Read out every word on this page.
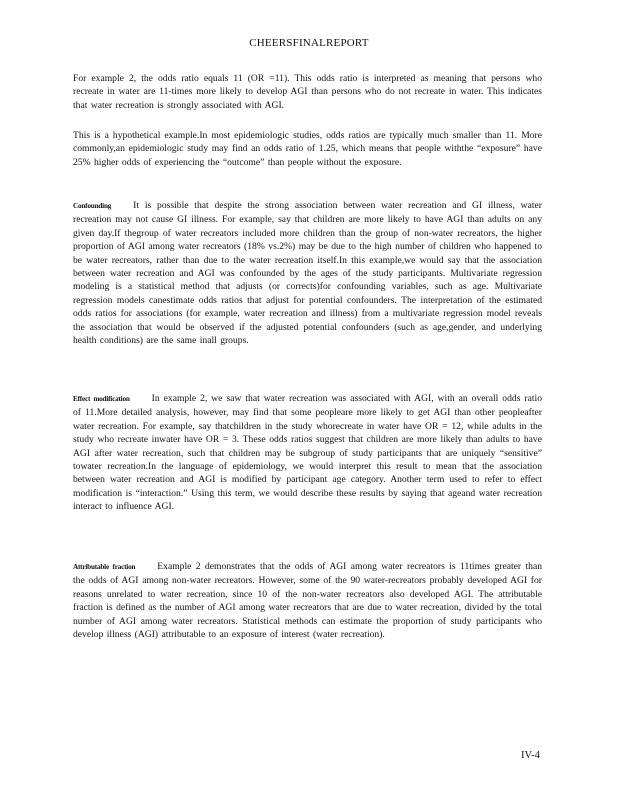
CHEERSFINALREPORT

For example 2, the odds ratio equals 11 (OR =11). This odds ratio is interpreted as meaning that persons who recreate in water are 11-times more likely to develop AGI than persons who do not recreate in water. This indicates that water recreation is strongly associated with AGI.

This is a hypothetical example.In most epidemiologic studies, odds ratios are typically much smaller than 11. More commonly,an epidemiologic study may find an odds ratio of 1.25, which means that people withthe “exposure” have 25% higher odds of experiencing the “outcome” than people without the exposure.

Confounding It is possible that despite the strong association between water recreation and GI illness, water recreation may not cause GI illness. For example, say that children are more likely to have AGI than adults on any given day.If thegroup of water recreators included more children than the group of non-water recreators, the higher proportion of AGI among water recreators (18% vs.2%) may be due to the high number of children who happened to be water recreators, rather than due to the water recreation itself.In this example,we would say that the association between water recreation and AGI was confounded by the ages of the study participants. Multivariate regression modeling is a statistical method that adjusts (or corrects)for confounding variables, such as age. Multivariate regression models canestimate odds ratios that adjust for potential confounders. The interpretation of the estimated odds ratios for associations (for example, water recreation and illness) from a multivariate regression model reveals the association that would be observed if the adjusted potential confounders (such as age,gender, and underlying health conditions) are the same inall groups.

Effect modification In example 2, we saw that water recreation was associated with AGI, with an overall odds ratio of 11.More detailed analysis, however, may find that some peopleare more likely to get AGI than other peopleafter water recreation. For example, say thatchildren in the study whorecreate in water have OR = 12, while adults in the study who recreate inwater have OR = 3. These odds ratios suggest that children are more likely than adults to have AGI after water recreation, such that children may be subgroup of study participants that are uniquely “sensitive” towater recreation.In the language of epidemiology, we would interpret this result to mean that the association between water recreation and AGI is modified by participant age category. Another term used to refer to effect modification is “interaction.” Using this term, we would describe these results by saying that ageand water recreation interact to influence AGI.

Attributable fraction Example 2 demonstrates that the odds of AGI among water recreators is 11times greater than the odds of AGI among non-water recreators. However, some of the 90 water-recreators probably developed AGI for reasons unrelated to water recreation, since 10 of the non-water recreators also developed AGI. The attributable fraction is defined as the number of AGI among water recreators that are due to water recreation, divided by the total number of AGI among water recreators. Statistical methods can estimate the proportion of study participants who develop illness (AGI) attributable to an exposure of interest (water recreation).

IV-4
